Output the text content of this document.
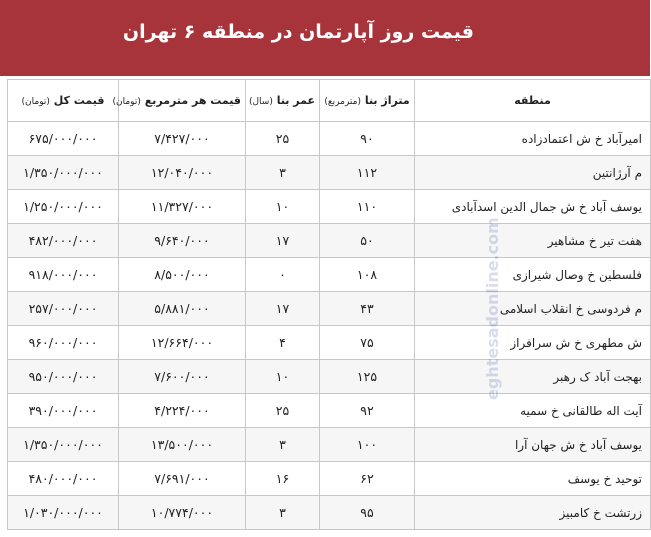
قیمت روز آپارتمان در منطقه ۶ تهران
منطقه	متراژ بنا (مترمربع)	عمر بنا (سال)	قیمت هر مترمربع (تومان)	قیمت کل (تومان)
امیرآباد خ ش اعتمادزاده	۹۰	۲۵	۷/۴۲۷/۰۰۰	۶۷۵/۰۰۰/۰۰۰
م آرژانتین	۱۱۲	۳	۱۲/۰۴۰/۰۰۰	۱/۳۵۰/۰۰۰/۰۰۰
یوسف آباد خ ش جمال الدین اسدآبادی	۱۱۰	۱۰	۱۱/۳۲۷/۰۰۰	۱/۲۵۰/۰۰۰/۰۰۰
هفت تیر خ مشاهیر	۵۰	۱۷	۹/۶۴۰/۰۰۰	۴۸۲/۰۰۰/۰۰۰
فلسطین خ وصال شیرازی	۱۰۸	۰	۸/۵۰۰/۰۰۰	۹۱۸/۰۰۰/۰۰۰
م فردوسی خ انقلاب اسلامی	۴۳	۱۷	۵/۸۸۱/۰۰۰	۲۵۷/۰۰۰/۰۰۰
ش مطهری خ ش سرافراز	۷۵	۴	۱۲/۶۶۴/۰۰۰	۹۶۰/۰۰۰/۰۰۰
بهجت آباد ک رهبر	۱۲۵	۱۰	۷/۶۰۰/۰۰۰	۹۵۰/۰۰۰/۰۰۰
آیت اله طالقانی خ سمیه	۹۲	۲۵	۴/۲۲۴/۰۰۰	۳۹۰/۰۰۰/۰۰۰
یوسف آباد خ ش جهان آرا	۱۰۰	۳	۱۳/۵۰۰/۰۰۰	۱/۳۵۰/۰۰۰/۰۰۰
توحید خ یوسف	۶۲	۱۶	۷/۶۹۱/۰۰۰	۴۸۰/۰۰۰/۰۰۰
زرتشت خ کامبیز	۹۵	۳	۱۰/۷۷۴/۰۰۰	۱/۰۳۰/۰۰۰/۰۰۰
